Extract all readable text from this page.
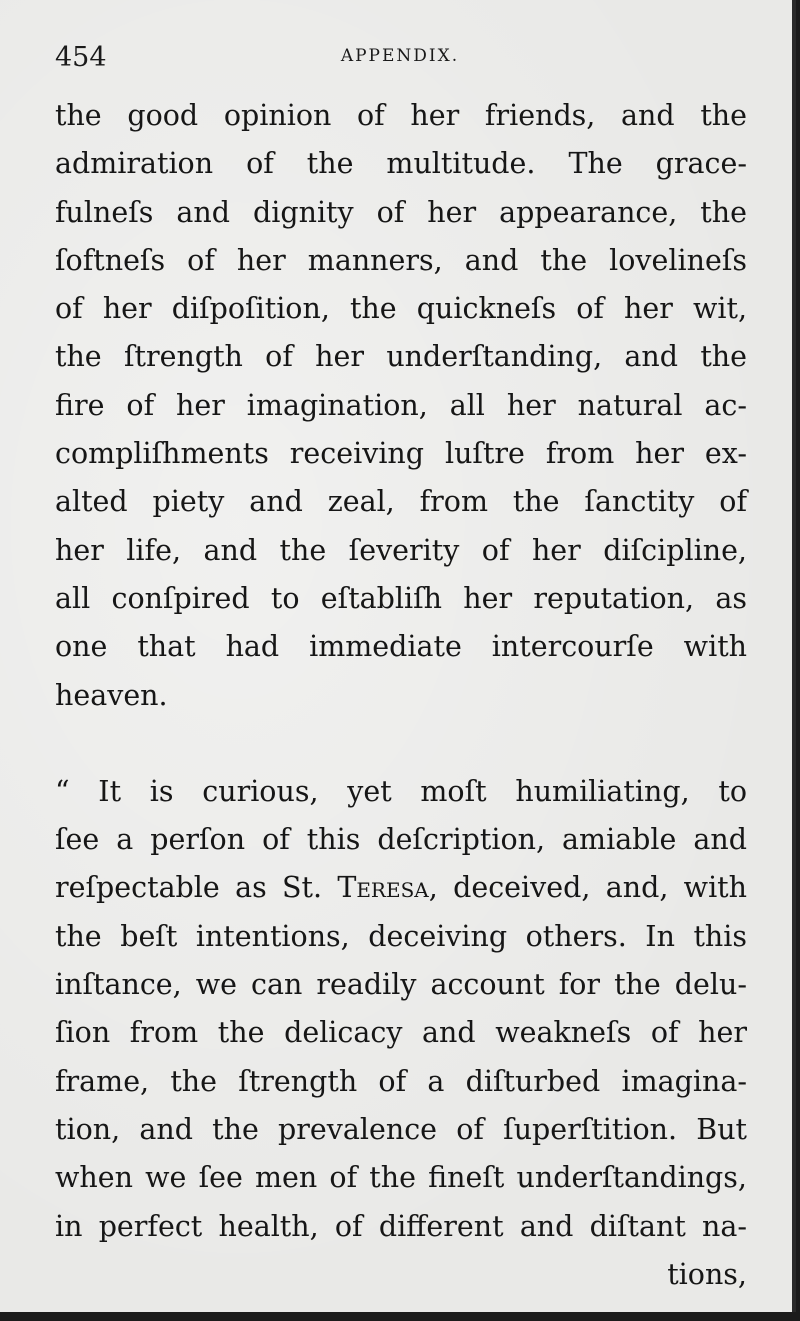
454	APPENDIX.
the good opinion of her friends, and the
admiration of the multitude. The grace-
fulneſs and dignity of her appearance, the
ſoftneſs of her manners, and the lovelineſs
of her diſpoſition, the quickneſs of her wit,
the ſtrength of her underſtanding, and the
fire of her imagination, all her natural ac-
compliſhments receiving luſtre from her ex-
alted piety and zeal, from the ſanctity of
her life, and the ſeverity of her diſcipline,
all conſpired to eſtabliſh her reputation, as
one that had immediate intercourſe with
heaven.
“ It is curious, yet moſt humiliating, to
ſee a perſon of this deſcription, amiable and
reſpectable as St. Teresa, deceived, and, with
the beſt intentions, deceiving others. In this
inſtance, we can readily account for the delu-
ſion from the delicacy and weakneſs of her
frame, the ſtrength of a diſturbed imagina-
tion, and the prevalence of ſuperſtition. But
when we ſee men of the fineſt underſtandings,
in perfect health, of different and diſtant na-
tions,
